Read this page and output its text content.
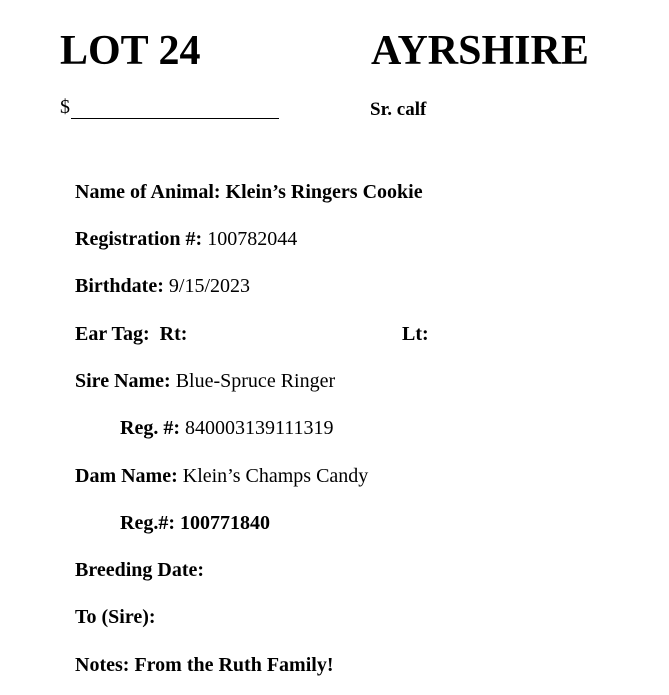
LOT 24	AYRSHIRE
$	Sr. calf
Name of Animal: Klein’s Ringers Cookie
Registration #: 100782044
Birthdate: 9/15/2023
Ear Tag: Rt:	Lt:
Sire Name: Blue-Spruce Ringer
Reg. #: 840003139111319
Dam Name: Klein’s Champs Candy
Reg.#: 100771840
Breeding Date:
To (Sire):
Notes: From the Ruth Family!
